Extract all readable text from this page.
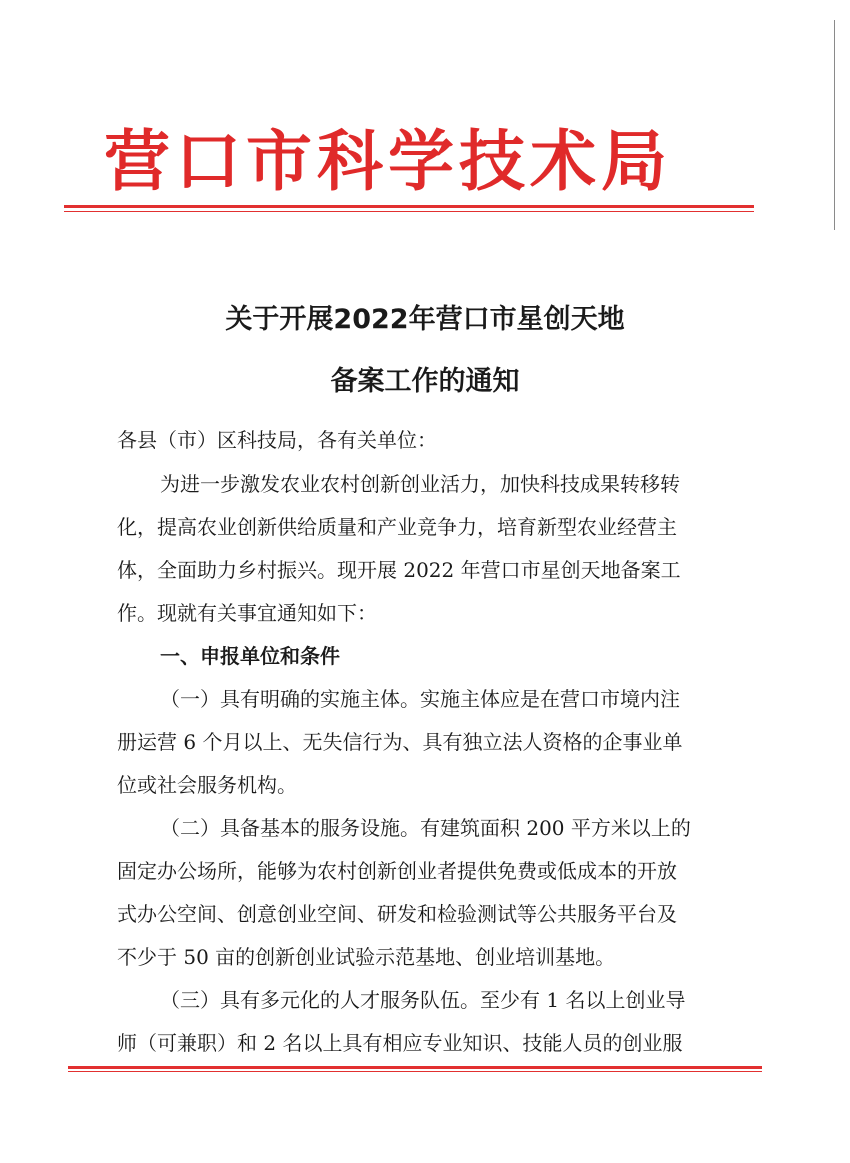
营口市科学技术局
关于开展2022年营口市星创天地
备案工作的通知
各县（市）区科技局，各有关单位：
为进一步激发农业农村创新创业活力，加快科技成果转移转
化，提高农业创新供给质量和产业竞争力，培育新型农业经营主
体，全面助力乡村振兴。现开展 2022 年营口市星创天地备案工
作。现就有关事宜通知如下：
一、申报单位和条件
（一）具有明确的实施主体。实施主体应是在营口市境内注
册运营 6 个月以上、无失信行为、具有独立法人资格的企事业单
位或社会服务机构。
（二）具备基本的服务设施。有建筑面积 200 平方米以上的
固定办公场所，能够为农村创新创业者提供免费或低成本的开放
式办公空间、创意创业空间、研发和检验测试等公共服务平台及
不少于 50 亩的创新创业试验示范基地、创业培训基地。
（三）具有多元化的人才服务队伍。至少有 1 名以上创业导
师（可兼职）和 2 名以上具有相应专业知识、技能人员的创业服
